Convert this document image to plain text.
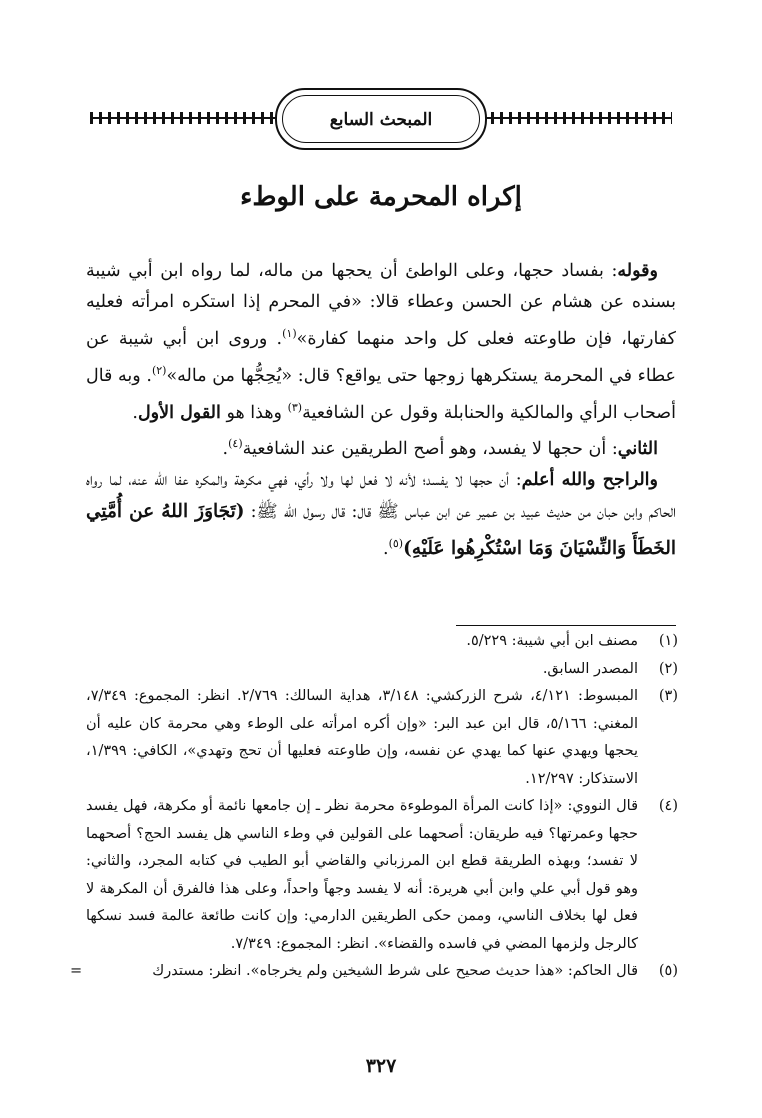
المبحث السابع
إكراه المحرمة على الوطء

وقوله: بفساد حجها، وعلى الواطئ أن يحجها من ماله، لما رواه ابن أبي شيبة بسنده عن هشام عن الحسن وعطاء قالا: «في المحرم إذا استكره امرأته فعليه كفارتها، فإن طاوعته فعلى كل واحد منهما كفارة»$^{(١)}$. وروى ابن أبي شيبة عن عطاء في المحرمة يستكرهها زوجها حتى يواقع؟ قال: «يُحِجُّها من ماله»$^{(٢)}$. وبه قال أصحاب الرأي والمالكية والحنابلة وقول عن الشافعية$^{(٣)}$ وهذا هو القول الأول.

الثاني: أن حجها لا يفسد، وهو أصح الطريقين عند الشافعية$^{(٤)}$.

والراجح والله أعلم: أن حجها لا يفسد؛ لأنه لا فعل لها ولا رأي، فهي مكرهة والمكره عفا الله عنه، لما رواه الحاكم وابن حبان من حديث عبيد بن عمير عن ابن عباس ﷺ قال: قال رسول الله ﷺ: (تَجَاوَزَ اللهُ عن أُمَّتِي الخَطَأَ وَالنِّسْيَانَ وَمَا اسْتُكْرِهُوا عَلَيْهِ)$^{(٥)}$.

(١)
مصنف ابن أبي شيبة: ٥/٢٢٩.
(٢)
المصدر السابق.
(٣)
المبسوط: ٤/١٢١، شرح الزركشي: ٣/١٤٨، هداية السالك: ٢/٧٦٩. انظر: المجموع: ٧/٣٤٩، المغني: ٥/١٦٦، قال ابن عبد البر: «وإن أكره امرأته على الوطء وهي محرمة كان عليه أن يحجها ويهدي عنها كما يهدي عن نفسه، وإن طاوعته فعليها أن تحج وتهدي»، الكافي: ١/٣٩٩، الاستذكار: ١٢/٢٩٧.
(٤)
قال النووي: «إذا كانت المرأة الموطوءة محرمة نظر ـ إن جامعها نائمة أو مكرهة، فهل يفسد حجها وعمرتها؟ فيه طريقان: أصحهما على القولين في وطء الناسي هل يفسد الحج؟ أصحهما لا تفسد؛ وبهذه الطريقة قطع ابن المرزباني والقاضي أبو الطيب في كتابه المجرد، والثاني: وهو قول أبي علي وابن أبي هريرة: أنه لا يفسد وجهاً واحداً، وعلى هذا فالفرق أن المكرهة لا فعل لها بخلاف الناسي، وممن حكى الطريقين الدارمي: وإن كانت طائعة عالمة فسد نسكها كالرجل ولزمها المضي في فاسده والقضاء». انظر: المجموع: ٧/٣٤٩.
(٥)
قال الحاكم: «هذا حديث صحيح على شرط الشيخين ولم يخرجاه». انظر: مستدرك
=
٣٢٧
